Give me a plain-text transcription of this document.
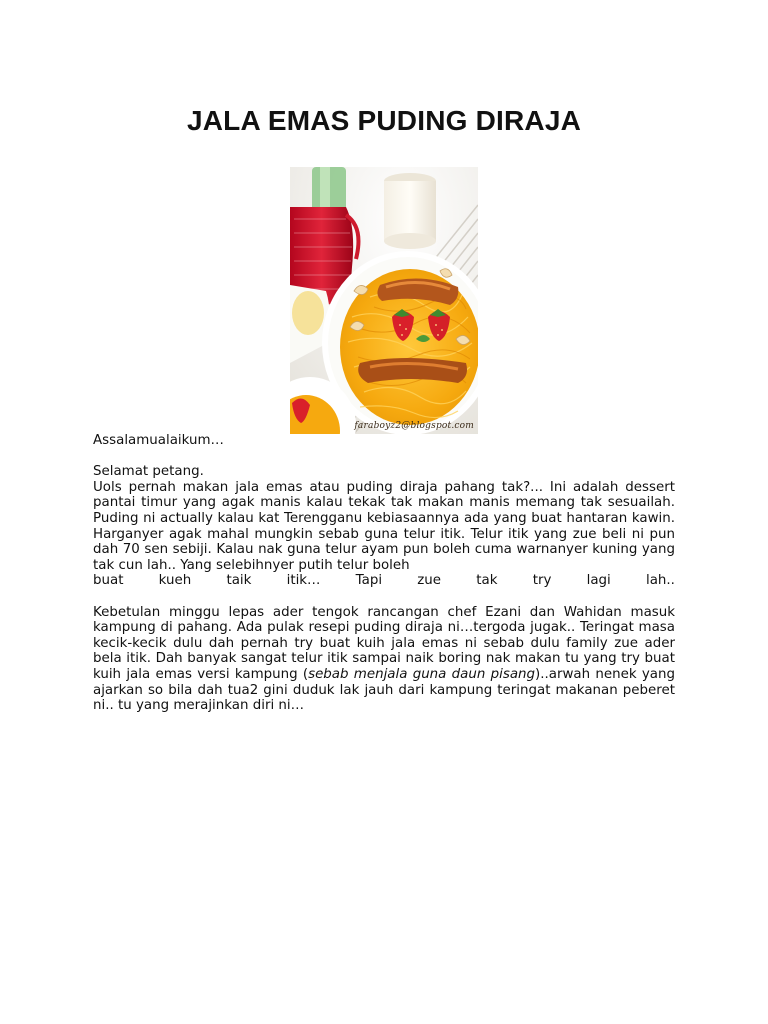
JALA EMAS PUDING DIRAJA
faraboyz2@blogspot.com

Assalamualaikum…

Selamat petang.

Uols pernah makan jala emas atau puding diraja pahang tak?... Ini adalah dessert pantai timur yang agak manis kalau tekak tak makan manis memang tak sesuailah. Puding ni actually kalau kat Terengganu kebiasaannya ada yang buat hantaran kawin. Harganyer agak mahal mungkin sebab guna telur itik. Telur itik yang zue beli ni pun dah 70 sen sebiji. Kalau nak guna telur ayam pun boleh cuma warnanyer kuning yang tak cun lah.. Yang selebihnyer putih telur boleh

buat	kueh	taik	itik…	Tapi	zue	tak	try	lagi	lah..

Kebetulan minggu lepas ader tengok rancangan chef Ezani dan Wahidan masuk kampung di pahang. Ada pulak resepi puding diraja ni…tergoda jugak.. Teringat masa kecik-kecik dulu dah pernah try buat kuih jala emas ni sebab dulu family zue ader bela itik. Dah banyak sangat telur itik sampai naik boring nak makan tu yang try buat kuih jala emas versi kampung (sebab menjala guna daun pisang)..arwah nenek yang ajarkan so bila dah tua2 gini duduk lak jauh dari kampung teringat makanan peberet ni.. tu yang merajinkan diri ni…
